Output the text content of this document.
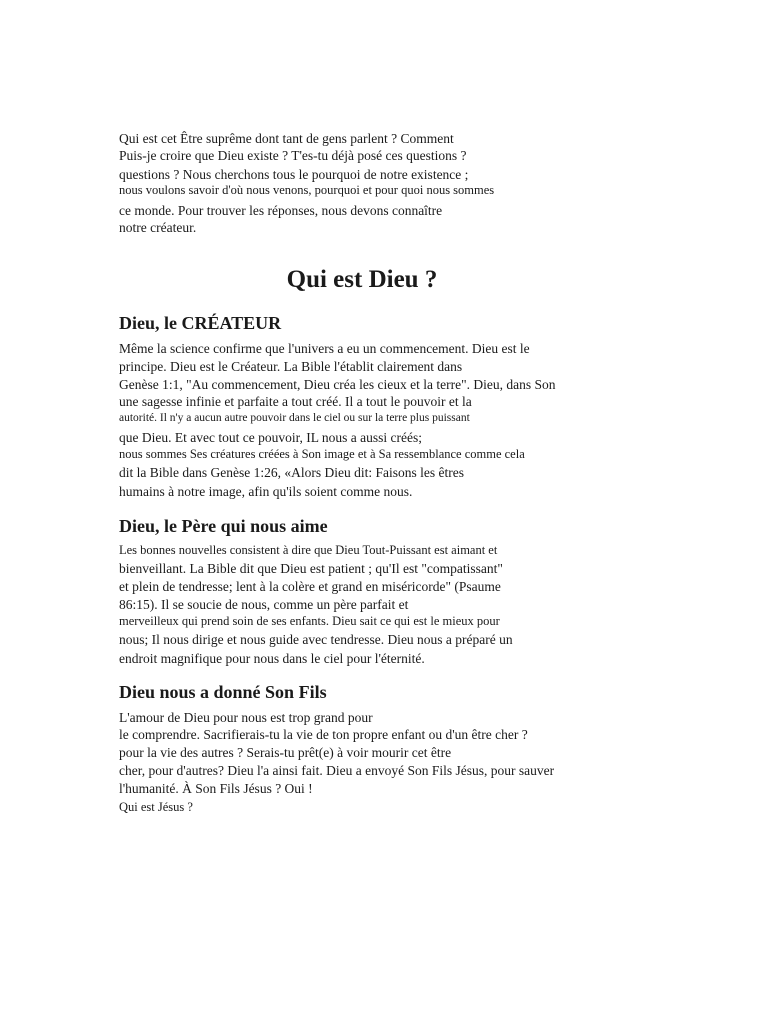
Qui est cet Être suprême dont tant de gens parlent ? Comment
Puis-je croire que Dieu existe ? T'es-tu déjà posé ces questions ?
questions ? Nous cherchons tous le pourquoi de notre existence ;
nous voulons savoir d'où nous venons, pourquoi et pour quoi nous sommes
ce monde. Pour trouver les réponses, nous devons connaître
notre créateur.
Qui est Dieu ?
Dieu, le CRÉATEUR
Même la science confirme que l'univers a eu un commencement. Dieu est le
principe. Dieu est le Créateur. La Bible l'établit clairement dans
Genèse 1:1, "Au commencement, Dieu créa les cieux et la terre". Dieu, dans Son
une sagesse infinie et parfaite a tout créé. Il a tout le pouvoir et la
autorité. Il n'y a aucun autre pouvoir dans le ciel ou sur la terre plus puissant
que Dieu. Et avec tout ce pouvoir, IL nous a aussi créés;
nous sommes Ses créatures créées à Son image et à Sa ressemblance comme cela
dit la Bible dans Genèse 1:26, «Alors Dieu dit: Faisons les êtres
humains à notre image, afin qu'ils soient comme nous.
Dieu, le Père qui nous aime
Les bonnes nouvelles consistent à dire que Dieu Tout-Puissant est aimant et
bienveillant. La Bible dit que Dieu est patient ; qu'Il est "compatissant"
et plein de tendresse; lent à la colère et grand en miséricorde" (Psaume
86:15). Il se soucie de nous, comme un père parfait et
merveilleux qui prend soin de ses enfants. Dieu sait ce qui est le mieux pour
nous; Il nous dirige et nous guide avec tendresse. Dieu nous a préparé un
endroit magnifique pour nous dans le ciel pour l'éternité.
Dieu nous a donné Son Fils
L'amour de Dieu pour nous est trop grand pour
le comprendre. Sacrifierais-tu la vie de ton propre enfant ou d'un être cher ?
pour la vie des autres ? Serais-tu prêt(e) à voir mourir cet être
cher, pour d'autres? Dieu l'a ainsi fait. Dieu a envoyé Son Fils Jésus, pour sauver
l'humanité. À Son Fils Jésus ? Oui !
Qui est Jésus ?
